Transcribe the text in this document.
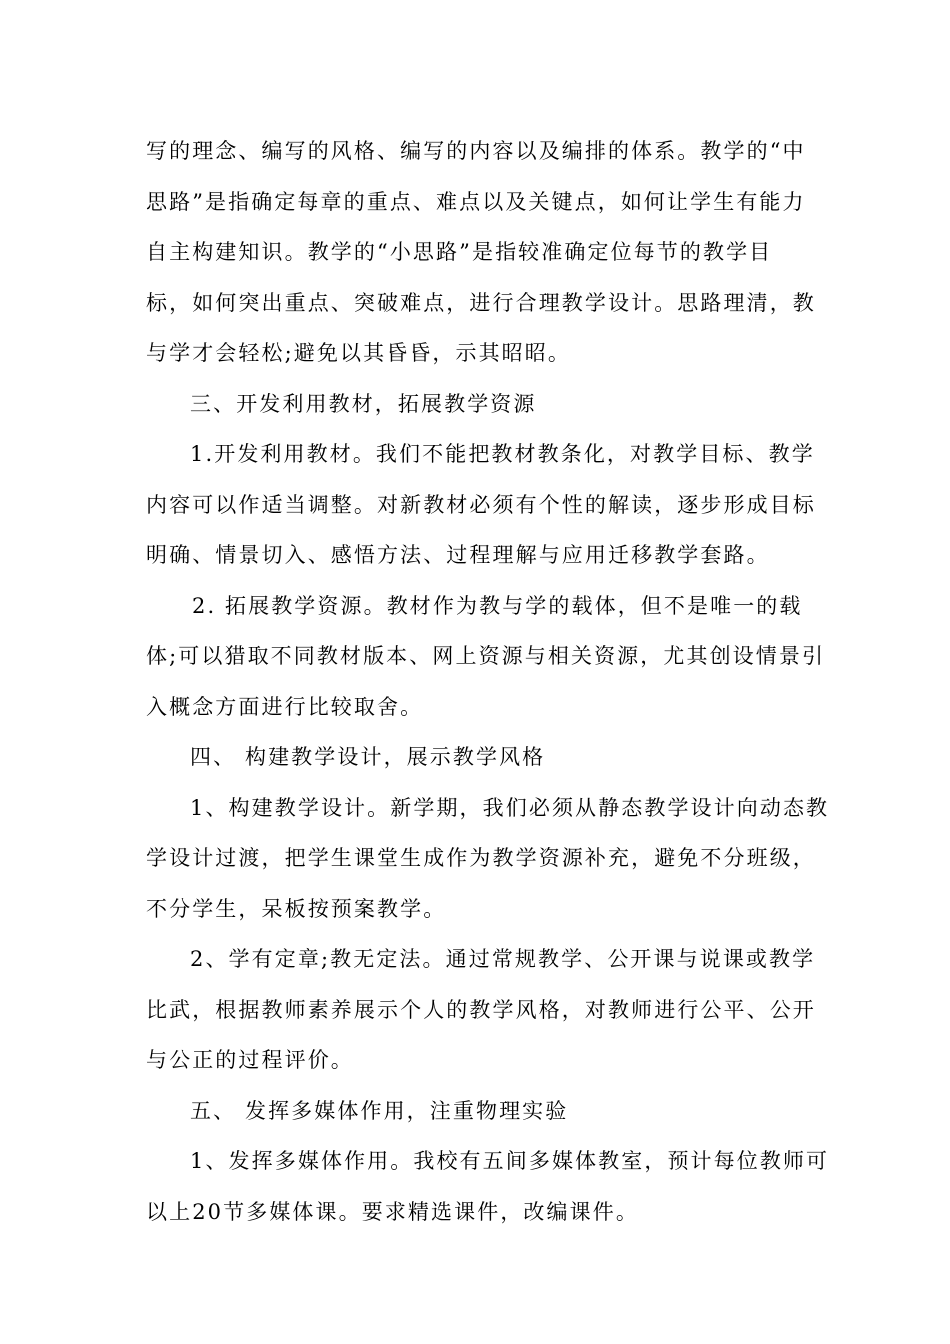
写的理念、编写的风格、编写的内容以及编排的体系。教学的“中
思路”是指确定每章的重点、难点以及关键点，如何让学生有能力
自主构建知识。教学的“小思路”是指较准确定位每节的教学目
标，如何突出重点、突破难点，进行合理教学设计。思路理清，教
与学才会轻松;避免以其昏昏，示其昭昭。
三、开发利用教材，拓展教学资源
1.开发利用教材。我们不能把教材教条化，对教学目标、教学
内容可以作适当调整。对新教材必须有个性的解读，逐步形成目标
明确、情景切入、感悟方法、过程理解与应用迁移教学套路。
2. 拓展教学资源。教材作为教与学的载体，但不是唯一的载
体;可以猎取不同教材版本、网上资源与相关资源，尤其创设情景引
入概念方面进行比较取舍。
四、 构建教学设计，展示教学风格
1、构建教学设计。新学期，我们必须从静态教学设计向动态教
学设计过渡，把学生课堂生成作为教学资源补充，避免不分班级，
不分学生，呆板按预案教学。
2、学有定章;教无定法。通过常规教学、公开课与说课或教学
比武，根据教师素养展示个人的教学风格，对教师进行公平、公开
与公正的过程评价。
五、 发挥多媒体作用，注重物理实验
1、发挥多媒体作用。我校有五间多媒体教室，预计每位教师可
以上20节多媒体课。要求精选课件，改编课件。
